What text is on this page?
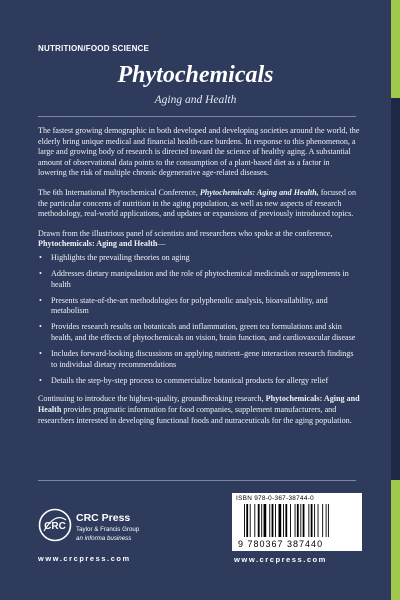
NUTRITION/FOOD SCIENCE
Phytochemicals
Aging and Health

The fastest growing demographic in both developed and developing societies around the world, the elderly bring unique medical and financial health-care burdens. In response to this phenomenon, a large and growing body of research is directed toward the science of healthy aging. A substantial amount of observational data points to the consumption of a plant-based diet as a factor in lowering the risk of multiple chronic degenerative age-related diseases.

The 6th International Phytochemical Conference, Phytochemicals: Aging and Health, focused on the particular concerns of nutrition in the aging population, as well as new aspects of research methodology, real-world applications, and updates or expansions of previously introduced topics.

Drawn from the illustrious panel of scientists and researchers who spoke at the conference, Phytochemicals: Aging and Health—

• Highlights the prevailing theories on aging
• Addresses dietary manipulation and the role of phytochemical medicinals or supplements in health
• Presents state-of-the-art methodologies for polyphenolic analysis, bioavailability, and metabolism
• Provides research results on botanicals and inflammation, green tea formulations and skin health, and the effects of phytochemicals on vision, brain function, and cardiovascular disease
• Includes forward-looking discussions on applying nutrient–gene interaction research findings to individual dietary recommendations
• Details the step-by-step process to commercialize botanical products for allergy relief

Continuing to introduce the highest-quality, groundbreaking research, Phytochemicals: Aging and Health provides pragmatic information for food companies, supplement manufacturers, and researchers interested in developing functional foods and nutraceuticals for the aging population.

CRC
CRC Press
Taylor & Francis Group
an informa business
www.crcpress.com
ISBN 978-0-367-38744-0
9 780367 387440
www.crcpress.com
